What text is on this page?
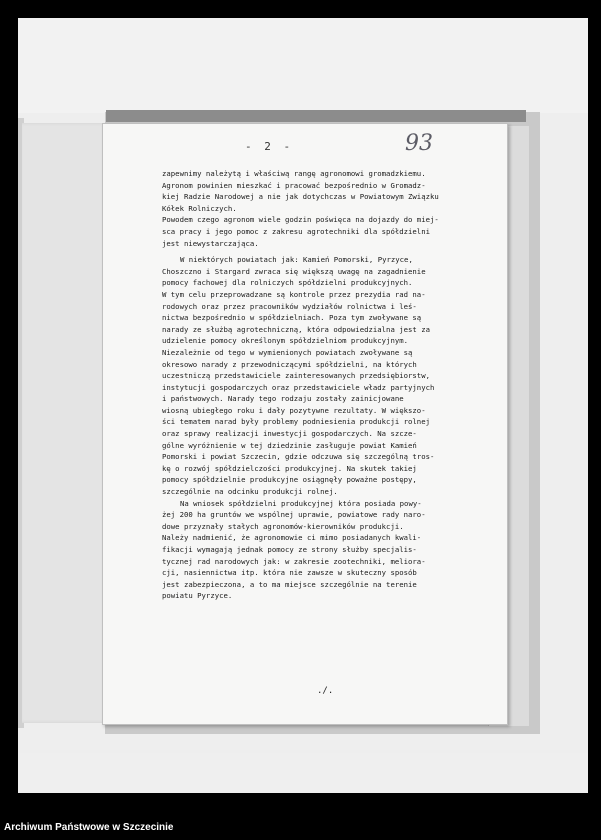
- 2 -	93
zapewnimy należytą i właściwą rangę agronomowi gromadzkiemu.
Agronom powinien mieszkać i pracować bezpośrednio w Gromadz-
kiej Radzie Narodowej a nie jak dotychczas w Powiatowym Związku
Kółek Rolniczych.
Powodem czego agronom wiele godzin poświęca na dojazdy do miej-
sca pracy i jego pomoc z zakresu agrotechniki dla spółdzielni
jest niewystarczająca.
W niektórych powiatach jak: Kamień Pomorski, Pyrzyce,
Choszczno i Stargard zwraca się większą uwagę na zagadnienie
pomocy fachowej dla rolniczych spółdzielni produkcyjnych.
W tym celu przeprowadzane są kontrole przez prezydia rad na-
rodowych oraz przez pracowników wydziałów rolnictwa i leś-
nictwa bezpośrednio w spółdzielniach. Poza tym zwoływane są
narady ze służbą agrotechniczną, która odpowiedzialna jest za
udzielenie pomocy określonym spółdzielniom produkcyjnym.
Niezależnie od tego w wymienionych powiatach zwoływane są
okresowo narady z przewodniczącymi spółdzielni, na których
uczestniczą przedstawiciele zainteresowanych przedsiębiorstw,
instytucji gospodarczych oraz przedstawiciele władz partyjnych
i państwowych. Narady tego rodzaju zostały zainicjowane
wiosną ubiegłego roku i dały pozytywne rezultaty. W większo-
ści tematem narad były problemy podniesienia produkcji rolnej
oraz sprawy realizacji inwestycji gospodarczych. Na szcze-
gólne wyróżnienie w tej dziedzinie zasługuje powiat Kamień
Pomorski i powiat Szczecin, gdzie odczuwa się szczególną tros-
kę o rozwój spółdzielczości produkcyjnej. Na skutek takiej
pomocy spółdzielnie produkcyjne osiągnęły poważne postępy,
szczególnie na odcinku produkcji rolnej.
Na wniosek spółdzielni produkcyjnej która posiada powy-
żej 200 ha gruntów we wspólnej uprawie, powiatowe rady naro-
dowe przyznały stałych agronomów-kierowników produkcji.
Należy nadmienić, że agronomowie ci mimo posiadanych kwali-
fikacji wymagają jednak pomocy ze strony służby specjalis-
tycznej rad narodowych jak: w zakresie zootechniki, meliora-
cji, nasiennictwa itp. która nie zawsze w skuteczny sposób
jest zabezpieczona, a to ma miejsce szczególnie na terenie
powiatu Pyrzyce.
./.
Archiwum Państwowe w Szczecinie
